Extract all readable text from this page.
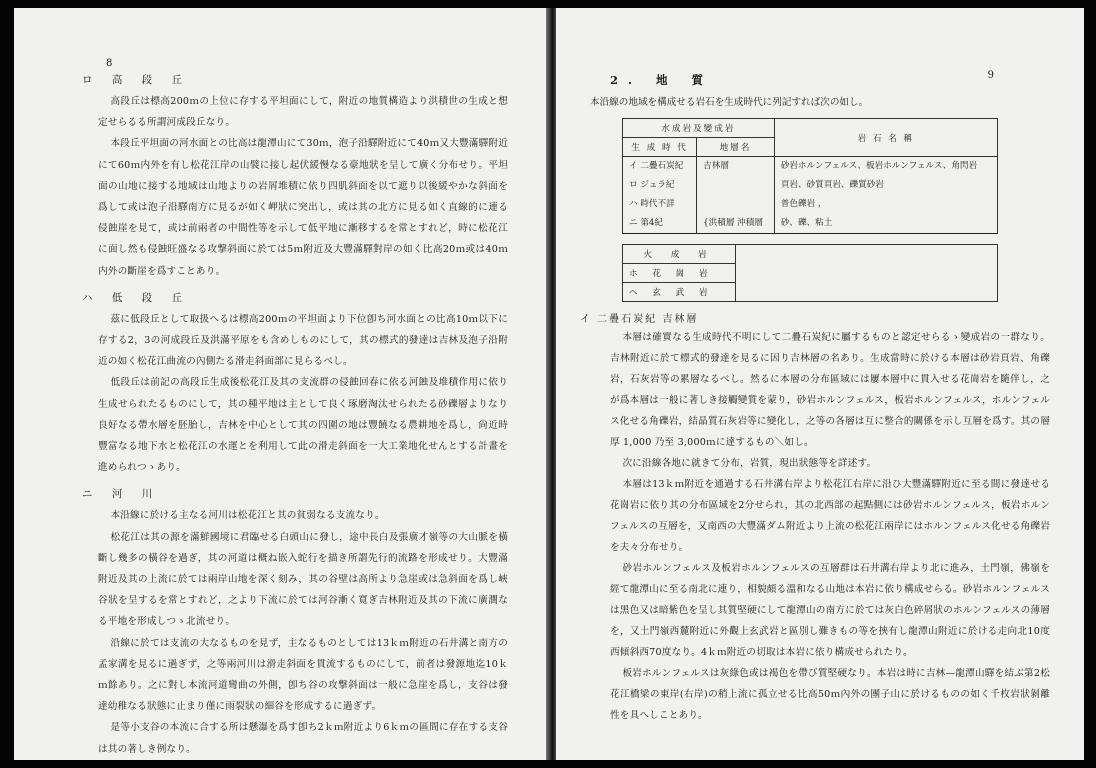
8
ロ 高 段 丘

高段丘は標高200ｍの上位に存する平坦面にして，附近の地質構造より洪積世の生成と想定せらるる所謂河成段丘なり。

本段丘平坦面の河水面との比高は龍潭山にて30ｍ，泡子沿驛附近にて40ｍ又大豐滿驛附近にて60ｍ内外を有し松花江岸の山襞に接し起伏緩慢なる豪地狀を呈して廣く分布せり。平坦面の山地に接する地域は山地よりの岩屑堆積に依り四肌斜面を以て遮り以後緩やかな斜面を爲して或は泡子沿驛南方に見るが如く岬狀に突出し，或は其の北方に見る如く直線的に連る侵蝕崖を見て，或は前兩者の中間性等を示して低平地に漸移するを常とすれど，時に松花江に面し然も侵蝕旺盛なる攻撃斜面に於ては5ｍ附近及大豐滿驛對岸の如く比高20ｍ或は40ｍ内外の斷崖を爲すことあり。

ハ 低 段 丘

茲に低段丘として取扱へるは標高200ｍの平坦面より下位卽ち河水面との比高10ｍ以下に存する2，3の河成段丘及洪滿平原をも含めしものにして，其の標式的發達は吉林及泡子沿附近の如く松花江曲流の內側たる滑走斜面部に見らるべし。

低段丘は前記の高段丘生成後松花江及其の支流群の侵蝕回春に依る河蝕及堆積作用に依り生成せられたるものにして，其の種平地は主として良く琢磨淘汰せられたる砂礫層よりなり良好なる帶水層を胚胎し，吉林を中心として其の四圍の地は豐饒なる農耕地を爲し，尙近時豐富なる地下水と松花江の水運とを利用して此の滑走斜面を一大工業地化せんとする計畫を進められつゝあり。

ニ 河 川

本沿線に於ける主なる河川は松花江と其の貧弱なる支流なり。

松花江は其の源を滿鮮國境に君臨せる白頭山に發し，途中長白及張廣才嶺等の大山脈を橫斷し幾多の橫谷を過ぎ，其の河道は概ね嵌入蛇行を描き所謂先行的流路を形成せり。大豐滿附近及其の上流に於ては兩岸山地を深く刻み，其の谷壁は高所より急崖或は急斜面を爲し峽谷狀を呈するを常とすれど，之より下流に於ては河谷漸く寬ぎ吉林附近及其の下流に廣濶なる平地を形成しつゝ北流せり。

沿線に於ては支流の大なるものを見ず，主なるものとしては13ｋｍ附近の石井溝と南方の孟家溝を見るに過ぎず，之等兩河川は滑走斜面を貫流するものにして，前者は發源地迄10ｋｍ餘あり。之に對し本流河道彎曲の外側，卽ち谷の攻撃斜面は一般に急崖を爲し，支谷は發達幼稚なる狀態に止まり僅に雨裂狀の細谷を形成するに過ぎず。

是等小支谷の本流に合する所は懸瀑を爲す卽ち2ｋｍ附近より6ｋｍの區間に存在する支谷は其の著しき例なり。

9
2. 地 質
本沿線の地域を構成せる岩石を生成時代に列記すれば次の如し。
水成岩及變成岩		岩 石 名 稱
生 成 時 代	地層名	
イ 二疊石炭紀	吉林層	砂岩ホルンフェルス、板岩ホルンフェルス、角閃岩
ロ ジュラ紀		頁岩、砂質頁岩、礫質砂岩
ハ 時代不詳		普色礫岩 ，
ニ 第4紀	{洪積層 沖積層	砂、礫、粘土
火 成 岩	
ホ 花 崗 岩
ヘ 玄 武 岩
イ 二疊石炭紀 吉林層

本層は確實なる生成時代不明にして二疊石炭紀に屬するものと認定せらるゝ變成岩の一群なり。吉林附近に於て標式的發達を見るに因り吉林層の名あり。生成當時に於ける本層は砂岩頁岩、角礫岩，石灰岩等の累層なるべし。然るに本層の分布區域には屢本層中に貫入せる花崗岩を隨伴し，之が爲本層は一般に著しき接觸變質を蒙り，砂岩ホルンフェルス，板岩ホルンフェルス，ホルンフェルス化せる角礫岩，結晶質石灰岩等に變化し，之等の各層は互に整合的關係を示し互層を爲す。其の層厚 1,000 乃至 3,000ｍに達するもの＼如し。

次に沿線各地に就きて分布，岩質，現出狀態等を詳述す。

本層は13ｋｍ附近を通過する石井溝右岸より松花江右岸に沿ひ大豐滿驛附近に至る間に發達せる花崗岩に依り其の分布區域を2分せられ，其の北西部の起點側には砂岩ホルンフェルス，板岩ホルンフェルスの互層を，又南西の大豐滿ダム附近より上流の松花江兩岸にはホルンフェルス化せる角礫岩を夫々分布せり。

砂岩ホルンフェルス及板岩ホルンフェルスの互層群は石井溝右岸より北に進み，土門嶺，佛嶺を經て龍潭山に至る南北に連り，相貌頗る溫和なる山地は本岩に依り構成せらる。砂岩ホルンフェルスは黑色又は暗紫色を呈し其質堅硬にして龍潭山の南方に於ては灰白色碎屑狀のホルンフェルスの薄層を，又土門嶺西麓附近に外觀上玄武岩と區別し難きもの等を挾有し龍潭山附近に於ける走向北10度西傾斜西70度なり。4ｋｍ附近の切取は本岩に依り構成せられたり。

板岩ホルンフェルスは灰綠色或は褐色を帶び質堅硬なり。本岩は時に吉林—龍潭山驛を結ぶ第2松花江橋梁の東岸(右岸)の稍上流に孤立せる比高50ｍ內外の團子山に於けるものの如く千枚岩狀剝離性を具へしことあり。
